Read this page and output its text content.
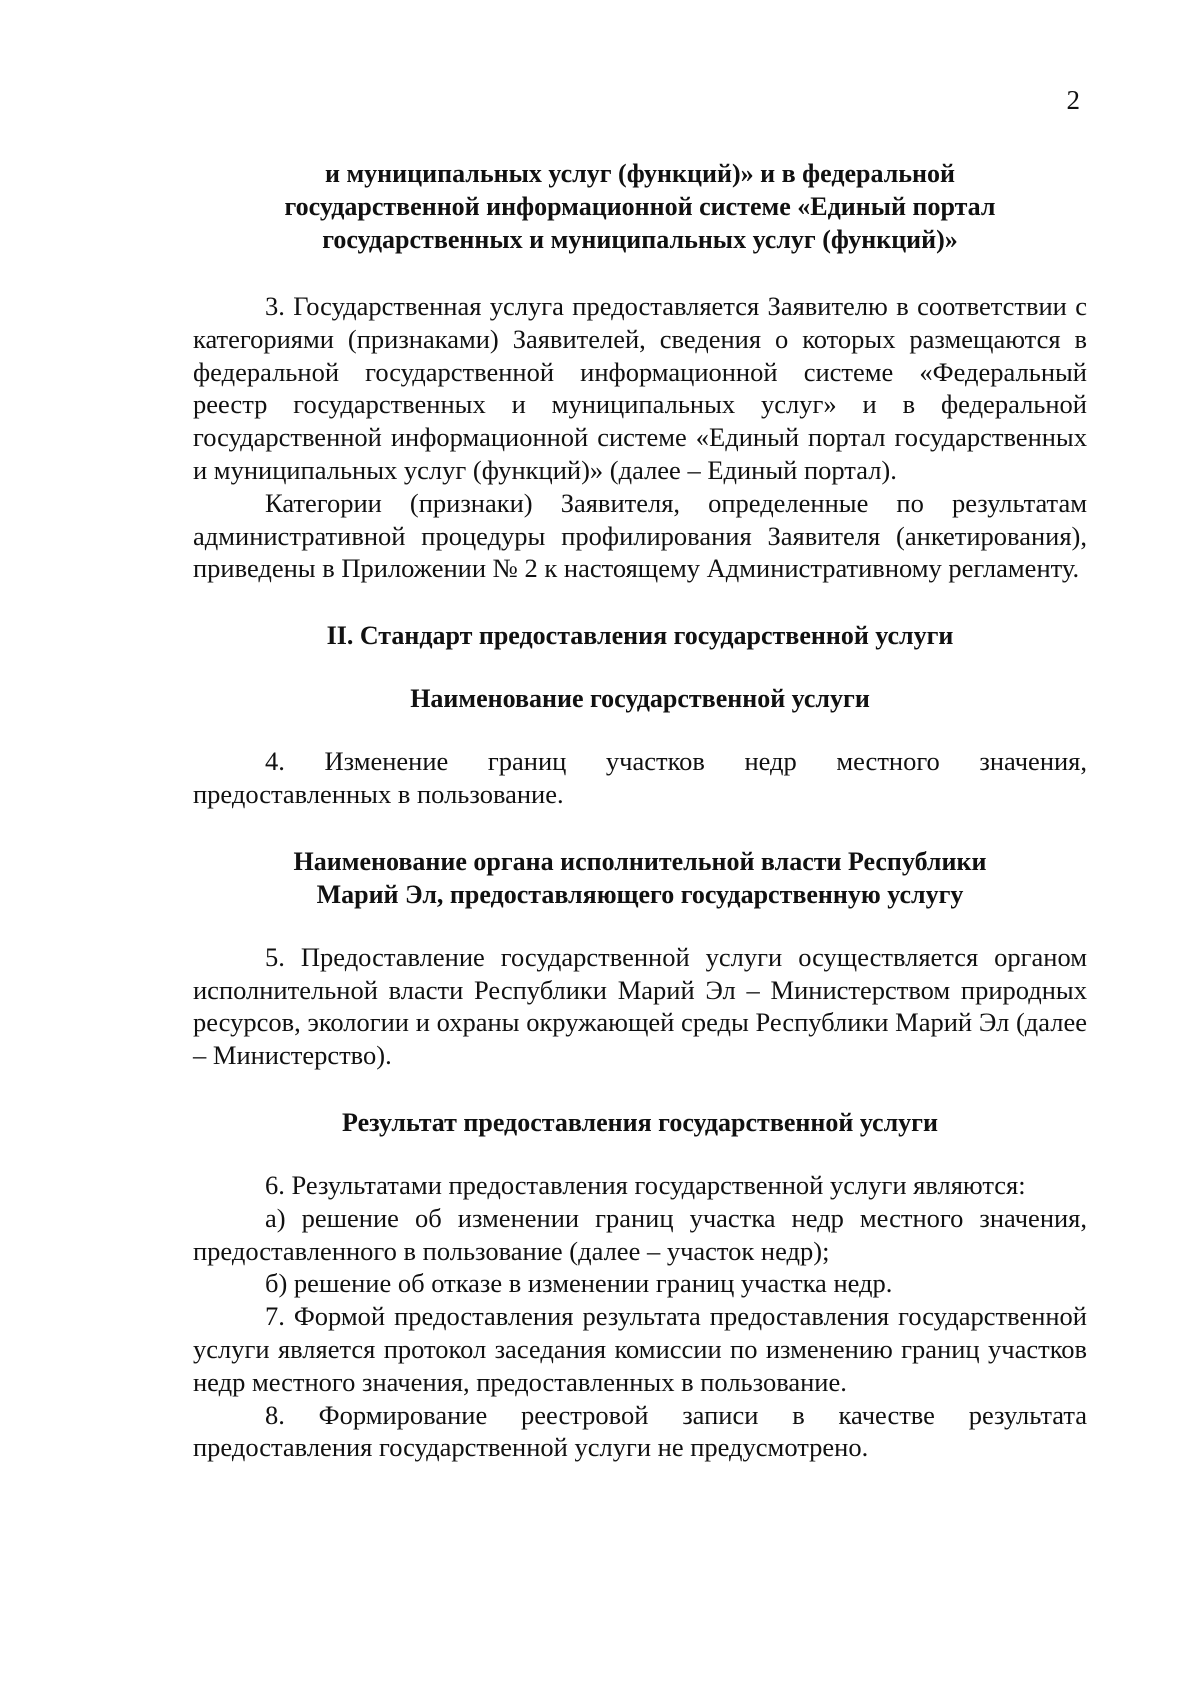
2

и муниципальных услуг (функций)» и в федеральной

государственной информационной системе «Единый портал

государственных и муниципальных услуг (функций)»

3. Государственная услуга предоставляется Заявителю в соответствии с категориями (признаками) Заявителей, сведения о которых размещаются в федеральной государственной информационной системе «Федеральный реестр государственных и муниципальных услуг» и в федеральной государственной информационной системе «Единый портал государственных и муниципальных услуг (функций)» (далее – Единый портал).

Категории (признаки) Заявителя, определенные по результатам административной процедуры профилирования Заявителя (анкетирования), приведены в Приложении № 2 к настоящему Административному регламенту.

II. Стандарт предоставления государственной услуги

Наименование государственной услуги

4. Изменение границ участков недр местного значения, предоставленных в пользование.

Наименование органа исполнительной власти Республики

Марий Эл, предоставляющего государственную услугу

5. Предоставление государственной услуги осуществляется органом исполнительной власти Республики Марий Эл – Министерством природных ресурсов, экологии и охраны окружающей среды Республики Марий Эл (далее – Министерство).

Результат предоставления государственной услуги

6. Результатами предоставления государственной услуги являются:

а) решение об изменении границ участка недр местного значения, предоставленного в пользование (далее – участок недр);

б) решение об отказе в изменении границ участка недр.

7. Формой предоставления результата предоставления государственной услуги является протокол заседания комиссии по изменению границ участков недр местного значения, предоставленных в пользование.

8. Формирование реестровой записи в качестве результата предоставления государственной услуги не предусмотрено.
